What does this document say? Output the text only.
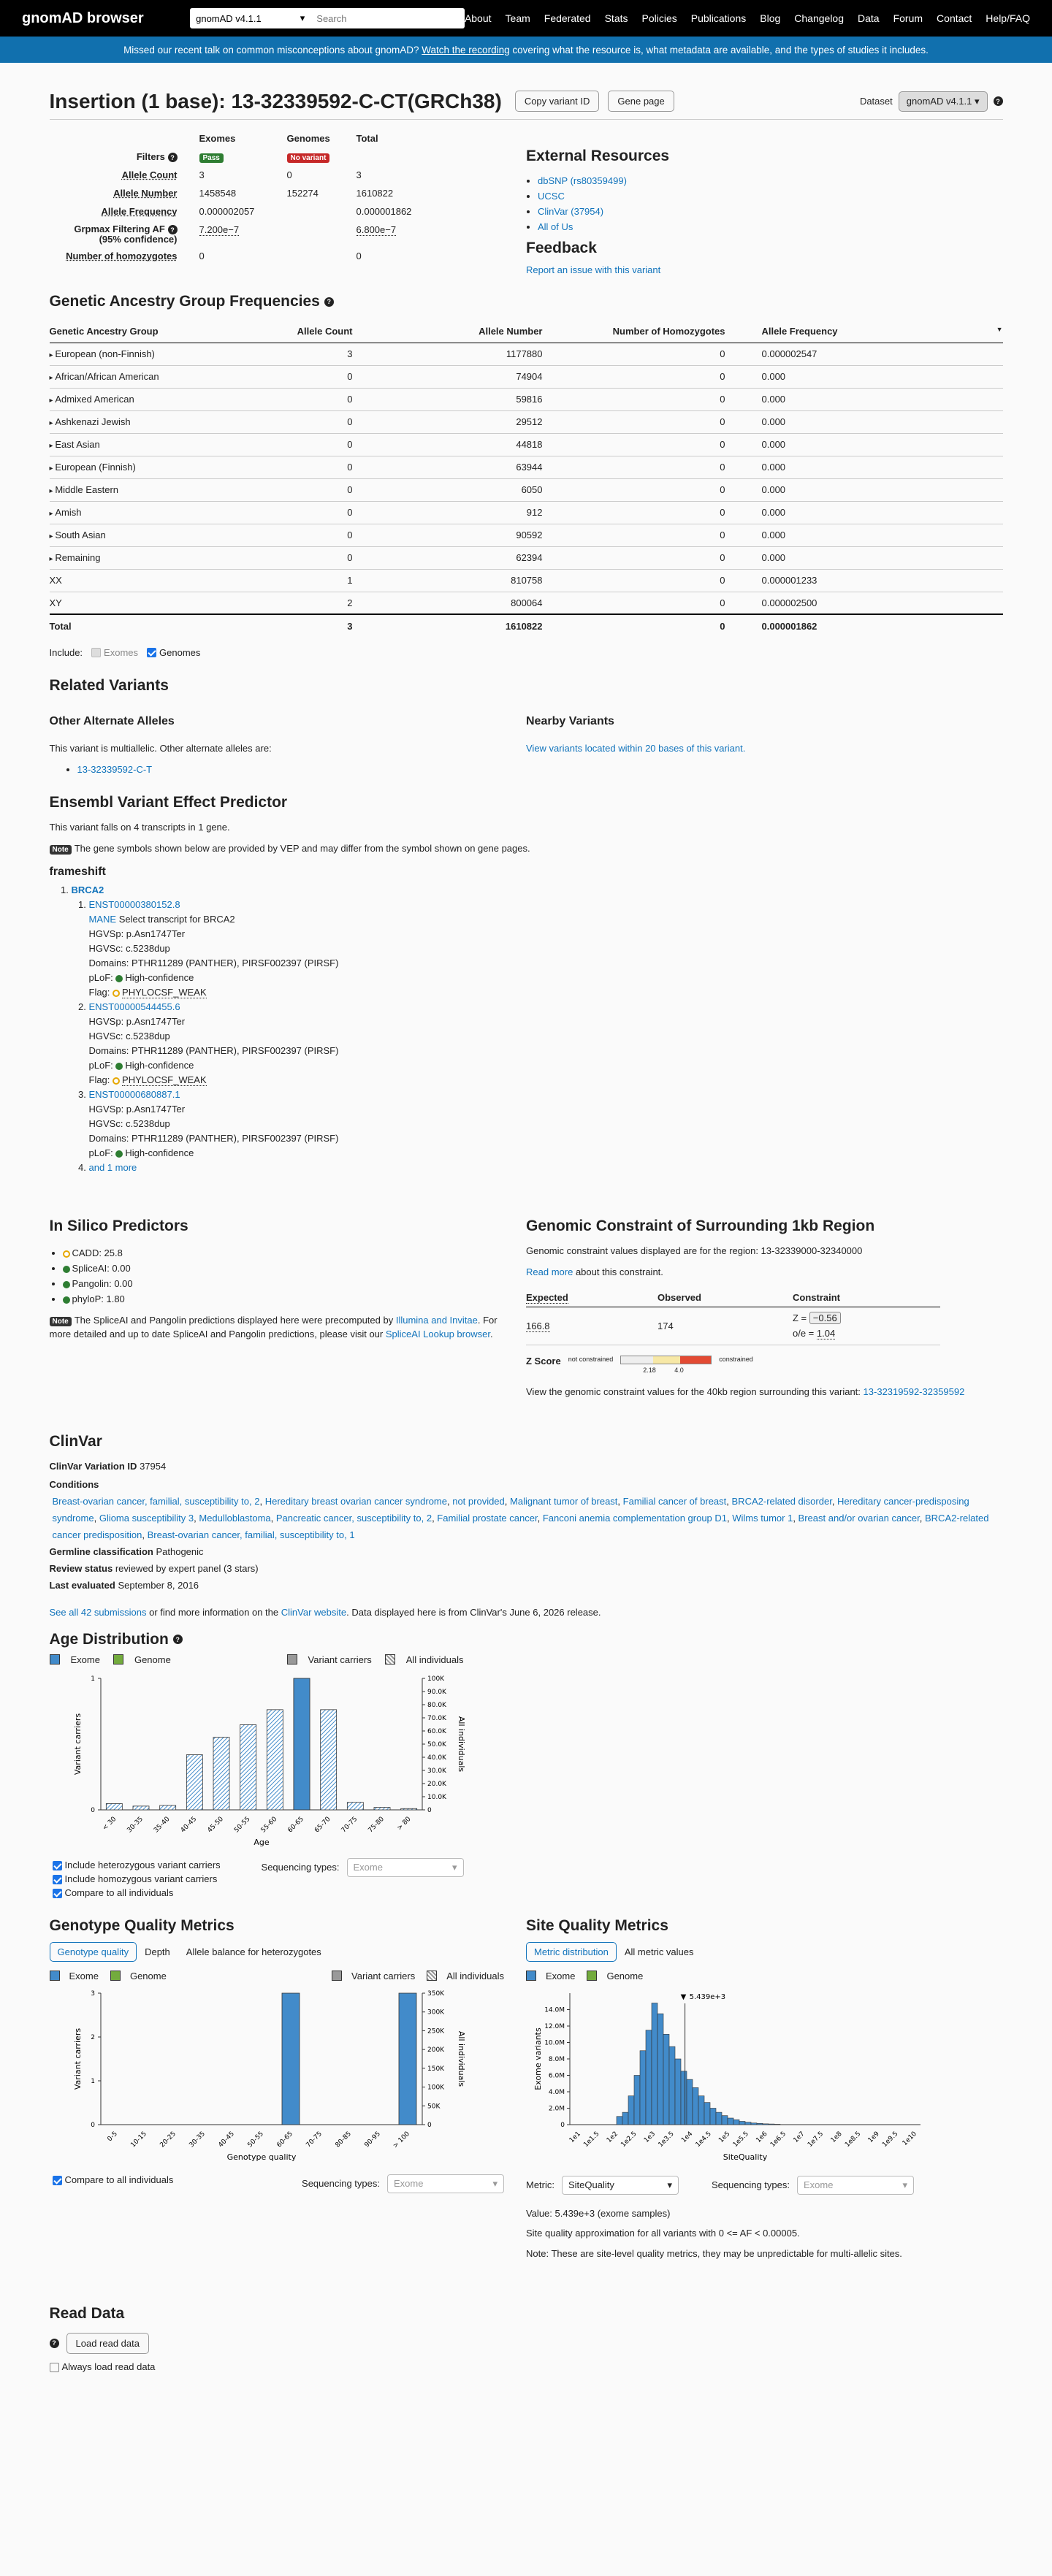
gnomAD browser	gnomAD v4.1.1	▾
Search	About Team Federated Stats Policies Publications Blog Changelog Data Forum Contact Help/FAQ
Missed our recent talk on common misconceptions about gnomAD?
Watch the recording
covering what the resource is, what metadata are available, and the types of studies it includes.
Insertion (1 base): 13-32339592-C-CT(GRCh38)	Copy variant ID	Gene page	Dataset	gnomAD v4.1.1 ▾	?
	Exomes	Genomes	Total
Filters ?	Pass	No variant	
Allele Count	3	0	3
Allele Number	1458548	152274	1610822
Allele Frequency	0.000002057		0.000001862
Grpmax Filtering AF ?
(95% confidence)	7.200e−7		6.800e−7
Number of homozygotes	0		0
External Resources
• dbSNP (rs80359499)
• UCSC
• ClinVar (37954)
• All of Us
Feedback
Report an issue with this variant
Genetic Ancestry Group Frequencies ?
Genetic Ancestry Group	Allele Count	Allele Number	Number of Homozygotes	Allele Frequency ▼

▸ European (non-Finnish)	3	1177880	0	0.000002547
▸ African/African American	0	74904	0	0.000
▸ Admixed American	0	59816	0	0.000
▸ Ashkenazi Jewish	0	29512	0	0.000
▸ East Asian	0	44818	0	0.000
▸ European (Finnish)	0	63944	0	0.000
▸ Middle Eastern	0	6050	0	0.000
▸ Amish	0	912	0	0.000
▸ South Asian	0	90592	0	0.000
▸ Remaining	0	62394	0	0.000
XX	1	810758	0	0.000001233
XY	2	800064	0	0.000002500
Total	3	1610822	0	0.000001862
Include: Exomes Genomes
Related Variants
Other Alternate Alleles

This variant is multiallelic. Other alternate alleles are:

• 13-32339592-C-T
Nearby Variants
View variants located within 20 bases of this variant.
Ensembl Variant Effect Predictor

This variant falls on 4 transcripts in 1 gene.

Note The gene symbols shown below are provided by VEP and may differ from the symbol shown on gene pages.

frameshift
1. BRCA2
1. ENST00000380152.8
MANE Select transcript for BRCA2
HGVSp: p.Asn1747Ter
HGVSc: c.5238dup
Domains: PTHR11289 (PANTHER), PIRSF002397 (PIRSF)
pLoF: High-confidence
Flag: PHYLOCSF_WEAK
2. ENST00000544455.6
HGVSp: p.Asn1747Ter
HGVSc: c.5238dup
Domains: PTHR11289 (PANTHER), PIRSF002397 (PIRSF)
pLoF: High-confidence
Flag: PHYLOCSF_WEAK
3. ENST00000680887.1
HGVSp: p.Asn1747Ter
HGVSc: c.5238dup
Domains: PTHR11289 (PANTHER), PIRSF002397 (PIRSF)
pLoF: High-confidence
4. and 1 more
In Silico Predictors
• CADD: 25.8
• SpliceAI: 0.00
• Pangolin: 0.00
• phyloP: 1.80

Note The SpliceAI and Pangolin predictions displayed here were precomputed by Illumina and Invitae. For more detailed and up to date SpliceAI and Pangolin predictions, please visit our SpliceAI Lookup browser.

Genomic Constraint of Surrounding 1kb Region

Genomic constraint values displayed are for the region: 13-32339000-32340000

Read more about this constraint.

Expected	Observed	Constraint
166.8	174	Z = −0.56
o/e = 1.04
Z Score not constrained
2.18	4.0
constrained

View the genomic constraint values for the 40kb region surrounding this variant: 13-32319592-32359592

ClinVar

ClinVar Variation ID 37954

Conditions

Breast-ovarian cancer, familial, susceptibility to, 2, Hereditary breast ovarian cancer syndrome, not provided, Malignant tumor of breast, Familial cancer of breast, BRCA2-related disorder, Hereditary cancer-predisposing syndrome, Glioma susceptibility 3, Medulloblastoma, Pancreatic cancer, susceptibility to, 2, Familial prostate cancer, Fanconi anemia complementation group D1, Wilms tumor 1, Breast and/or ovarian cancer, BRCA2-related cancer predisposition, Breast-ovarian cancer, familial, susceptibility to, 1

Germline classification Pathogenic

Review status reviewed by expert panel (3 stars)

Last evaluated September 8, 2016

See all 42 submissions or find more information on the ClinVar website. Data displayed here is from ClinVar's June 6, 2026 release.

Age Distribution ?
Exome	Genome	Variant carriers	All individuals
0
1
0
10.0K
20.0K
30.0K
40.0K
50.0K
60.0K
70.0K
80.0K
90.0K
100K
< 30 30-35 35-40 40-45 45-50 50-55 55-60 60-65 65-70 70-75 75-80 > 80
Variant carriers	All individuals
Age
Include heterozygous variant carriers
Include homozygous variant carriers
Compare to all individuals
Sequencing types: Exome	▾
Genotype Quality Metrics
Genotype quality Depth Allele balance for heterozygotes
Exome	Genome	Variant carriers	All individuals
0
1
2
3
0
50K
100K
150K
200K
250K
300K
350K
0-5 10-15 20-25 30-35 40-45 50-55 60-65 70-75 80-85 90-95 > 100
Variant carriers	All individuals
Genotype quality
Compare to all individuals	Sequencing types: Exome	▾
Site Quality Metrics
Metric distribution All metric values
Exome	Genome
0
2.0M
4.0M
6.0M
8.0M
10.0M
12.0M
14.0M
1e1 1e1.5 1e2 1e2.5 1e3 1e3.5 1e4 1e4.5 1e5 1e5.5 1e6 1e6.5 1e7 1e7.5 1e8 1e8.5 1e9 1e9.5 1e10
▼ 5.439e+3
Exome variants
SiteQuality
Metric: SiteQuality	▾	Sequencing types: Exome	▾

Value: 5.439e+3 (exome samples)

Site quality approximation for all variants with 0 <= AF < 0.00005.

Note: These are site-level quality metrics, they may be unpredictable for multi-allelic sites.

Read Data
?	Load read data
Always load read data
